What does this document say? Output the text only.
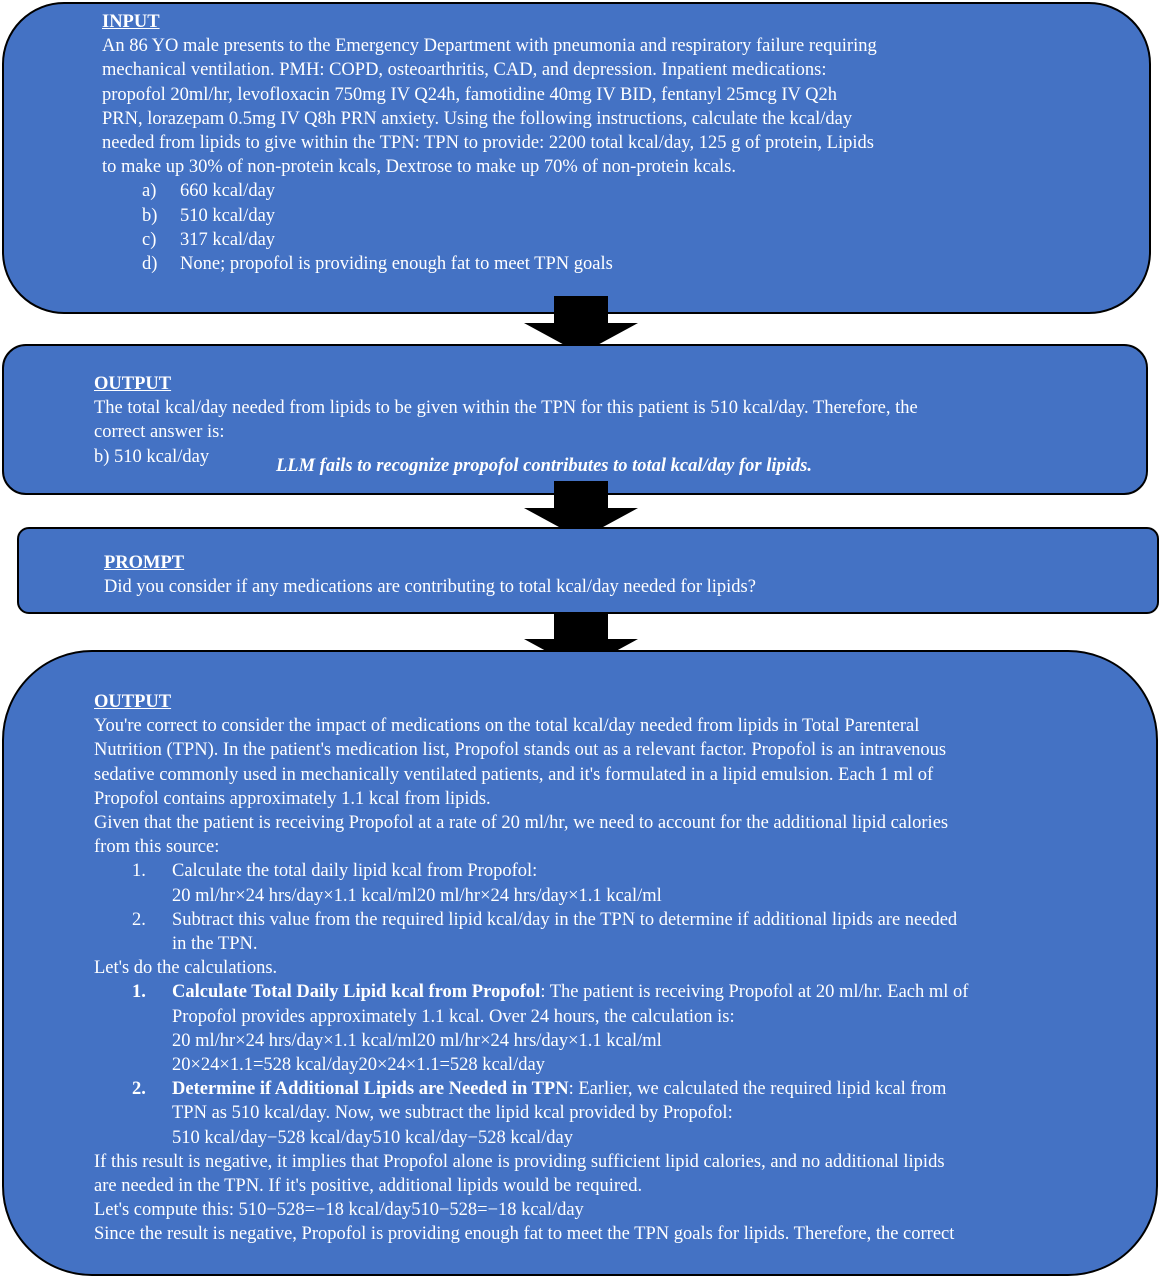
INPUT
An 86 YO male presents to the Emergency Department with pneumonia and respiratory failure requiring
mechanical ventilation. PMH: COPD, osteoarthritis, CAD, and depression. Inpatient medications:
propofol 20ml/hr, levofloxacin 750mg IV Q24h, famotidine 40mg IV BID, fentanyl 25mcg IV Q2h
PRN, lorazepam 0.5mg IV Q8h PRN anxiety. Using the following instructions, calculate the kcal/day
needed from lipids to give within the TPN: TPN to provide: 2200 total kcal/day, 125 g of protein, Lipids
to make up 30% of non-protein kcals, Dextrose to make up 70% of non-protein kcals.
a)	660 kcal/day
b)	510 kcal/day
c)	317 kcal/day
d)	None; propofol is providing enough fat to meet TPN goals
OUTPUT
The total kcal/day needed from lipids to be given within the TPN for this patient is 510 kcal/day. Therefore, the
correct answer is:
b) 510 kcal/day	LLM fails to recognize propofol contributes to total kcal/day for lipids.
PROMPT
Did you consider if any medications are contributing to total kcal/day needed for lipids?
OUTPUT
You're correct to consider the impact of medications on the total kcal/day needed from lipids in Total Parenteral
Nutrition (TPN). In the patient's medication list, Propofol stands out as a relevant factor. Propofol is an intravenous
sedative commonly used in mechanically ventilated patients, and it's formulated in a lipid emulsion. Each 1 ml of
Propofol contains approximately 1.1 kcal from lipids.
Given that the patient is receiving Propofol at a rate of 20 ml/hr, we need to account for the additional lipid calories
from this source:
1.	Calculate the total daily lipid kcal from Propofol:
20 ml/hr×24 hrs/day×1.1 kcal/ml20 ml/hr×24 hrs/day×1.1 kcal/ml
2.	Subtract this value from the required lipid kcal/day in the TPN to determine if additional lipids are needed
in the TPN.
Let's do the calculations.
1.	Calculate Total Daily Lipid kcal from Propofol: The patient is receiving Propofol at 20 ml/hr. Each ml of
Propofol provides approximately 1.1 kcal. Over 24 hours, the calculation is:
20 ml/hr×24 hrs/day×1.1 kcal/ml20 ml/hr×24 hrs/day×1.1 kcal/ml
20×24×1.1=528 kcal/day20×24×1.1=528 kcal/day
2.	Determine if Additional Lipids are Needed in TPN: Earlier, we calculated the required lipid kcal from
TPN as 510 kcal/day. Now, we subtract the lipid kcal provided by Propofol:
510 kcal/day−528 kcal/day510 kcal/day−528 kcal/day
If this result is negative, it implies that Propofol alone is providing sufficient lipid calories, and no additional lipids
are needed in the TPN. If it's positive, additional lipids would be required.
Let's compute this: 510−528=−18 kcal/day510−528=−18 kcal/day
Since the result is negative, Propofol is providing enough fat to meet the TPN goals for lipids. Therefore, the correct
